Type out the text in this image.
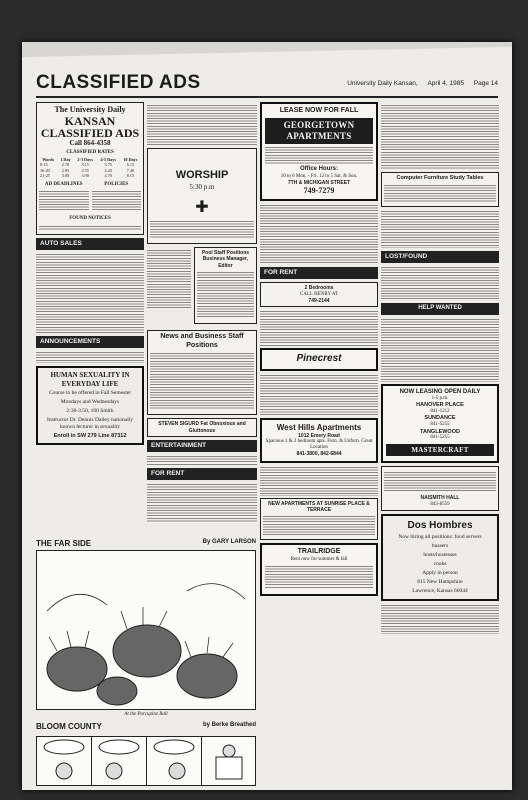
CLASSIFIED ADS	University Daily Kansan, April 4, 1985 Page 14
The University Daily
KANSAN CLASSIFIED ADS
Call 864-4358
CLASSIFIED RATES
Words	1 Day	2-3 Days	4-5 Days	10 Days
0-15	2.70	3.15	3.75	6.15
16-20	2.85	3.55	4.20	7.40
21-25	3.00	3.90	4.70	8.15
AD DEADLINES	POLICIES
FOUND NOTICES
AUTO SALES
ANNOUNCEMENTS
HUMAN SEXUALITY IN EVERYDAY LIFE
Course to be offered in Fall Semester
Mondays and Wednesdays
2:30-3:50, 100 Smith
Instructor Dr. Dennis Dailey nationally known lecturer in sexuality
Enroll in SW 279 Line 87312
WORSHIP
5:30 p.m
✚
Pool Staff Positions Business Manager, Editor
News and Business Staff Positions
STEVEN SIGURD Fat Obnoxious and Gluttonous
ENTERTAINMENT
FOR RENT
LEASE NOW FOR FALL
GEORGETOWN APARTMENTS
Office Hours:
10 to 6 Mon. - Fri. 12 to 5 Sat. & Sun.
7TH & MICHIGAN STREET
749-7279
FOR RENT
2 Bedrooms
CALL HENRY AT
749-2144
Pinecrest
West Hills Apartments
1012 Emery Road
Spacious 1 & 2 bedroom apts. Furn. & Unfurn. Great Location
841-3800, 842-6844
NEW APARTMENTS AT SUNRISE PLACE & TERRACE
TRAILRIDGE
Rent now for summer & fall
Computer Furniture Study Tables
LOST/FOUND
HELP WANTED
NOW LEASING OPEN DAILY
1-5 p.m.
HANOVER PLACE
841-1212
SUNDANCE
841-5255
TANGLEWOOD
841-5255
MASTERCRAFT
NAISMITH HALL
843-8559
Dos Hombres
Now hiring all positions: food servers
bussers
hosts/hostesses
cooks
Apply in person
815 New Hampshire
Lawrence, Kansas 66044
THE FAR SIDE	By GARY LARSON
At the Porcupine Ball
BLOOM COUNTY	by Berke Breathed
